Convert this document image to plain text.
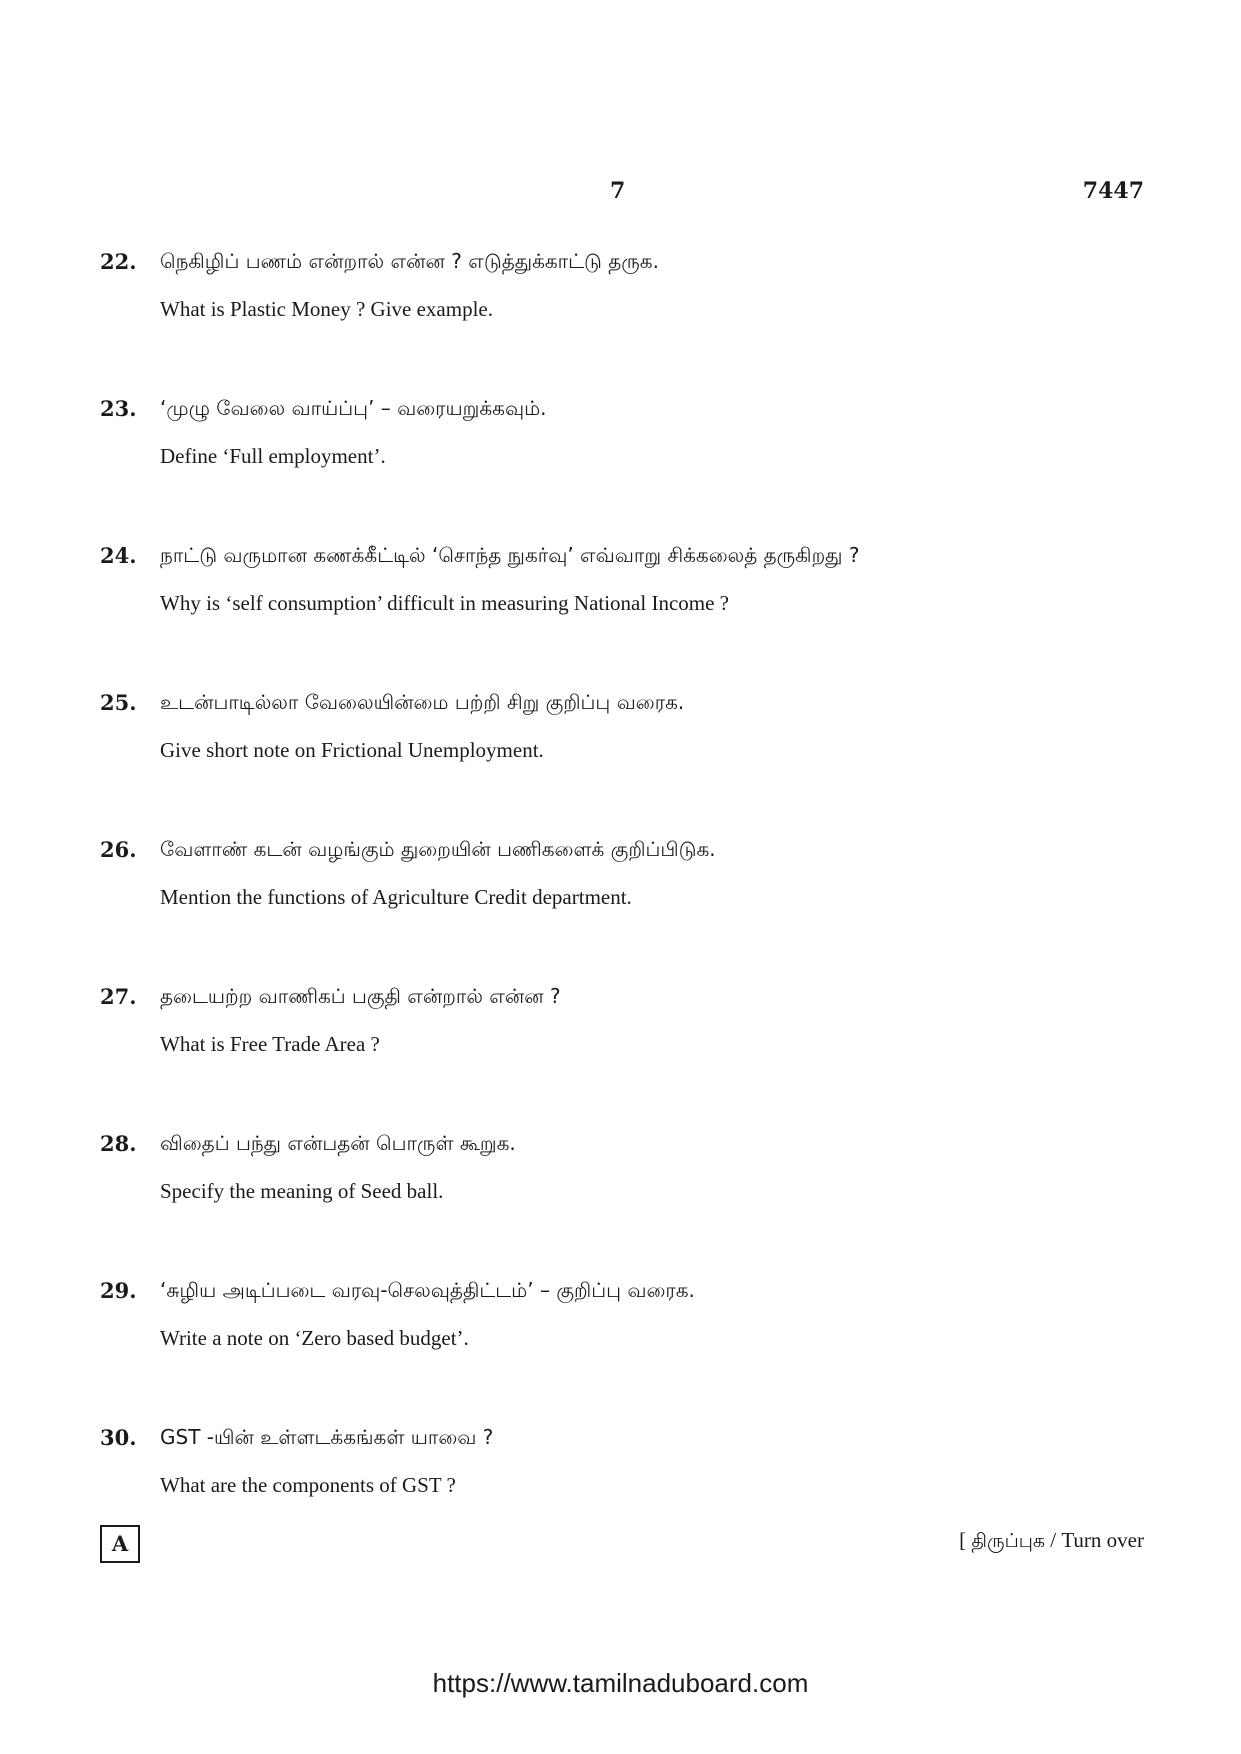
7	7447
22. நெகிழிப் பணம் என்றால் என்ன ? எடுத்துக்காட்டு தருக.
What is Plastic Money ? Give example.
23. ‘முழு வேலை வாய்ப்பு’ – வரையறுக்கவும்.
Define ‘Full employment’.
24. நாட்டு வருமான கணக்கீட்டில் ‘சொந்த நுகர்வு’ எவ்வாறு சிக்கலைத் தருகிறது ?
Why is ‘self consumption’ difficult in measuring National Income ?
25. உடன்பாடில்லா வேலையின்மை பற்றி சிறு குறிப்பு வரைக.
Give short note on Frictional Unemployment.
26. வேளாண் கடன் வழங்கும் துறையின் பணிகளைக் குறிப்பிடுக.
Mention the functions of Agriculture Credit department.
27. தடையற்ற வாணிகப் பகுதி என்றால் என்ன ?
What is Free Trade Area ?
28. விதைப் பந்து என்பதன் பொருள் கூறுக.
Specify the meaning of Seed ball.
29. ‘சுழிய அடிப்படை வரவு-செலவுத்திட்டம்’ – குறிப்பு வரைக.
Write a note on ‘Zero based budget’.
30. GST -யின் உள்ளடக்கங்கள் யாவை ?
What are the components of GST ?
A	[ திருப்புக / Turn over
https://www.tamilnaduboard.com
